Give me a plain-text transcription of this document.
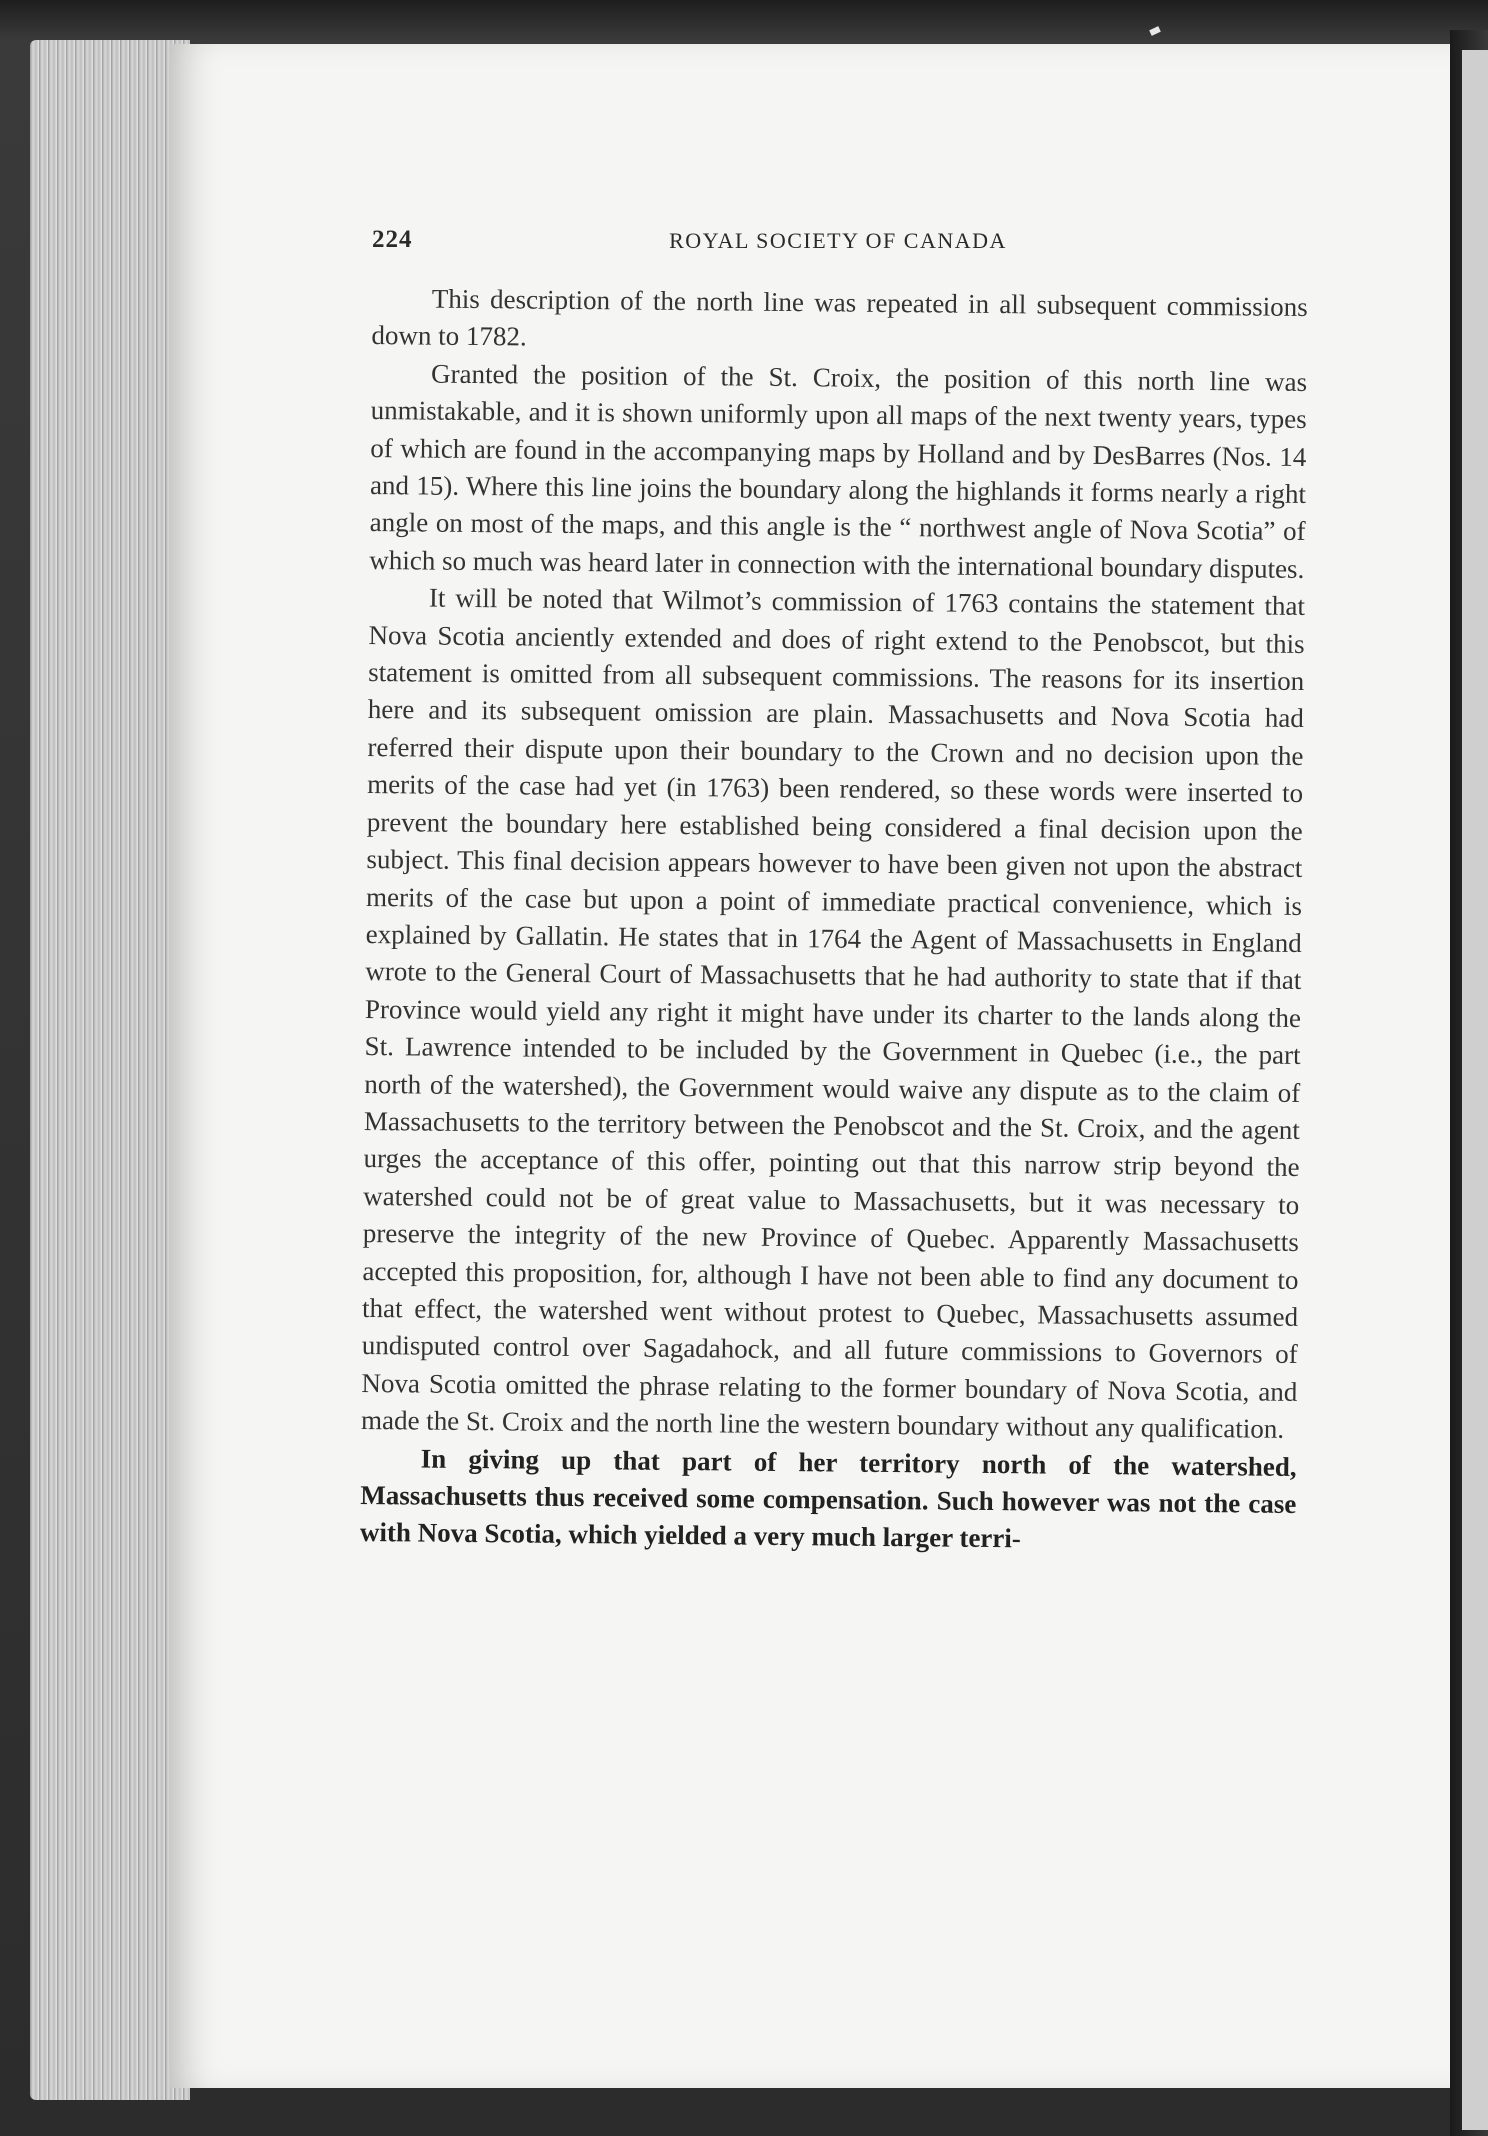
224	ROYAL SOCIETY OF CANADA

This description of the north line was repeated in all subsequent commissions down to 1782.

Granted the position of the St. Croix, the position of this north line was unmistakable, and it is shown uniformly upon all maps of the next twenty years, types of which are found in the accompanying maps by Holland and by DesBarres (Nos. 14 and 15). Where this line joins the boundary along the highlands it forms nearly a right angle on most of the maps, and this angle is the “ northwest angle of Nova Scotia” of which so much was heard later in connection with the international boundary disputes.

It will be noted that Wilmot’s commission of 1763 contains the statement that Nova Scotia anciently extended and does of right extend to the Penobscot, but this statement is omitted from all subsequent commissions. The reasons for its insertion here and its subsequent omission are plain. Massachusetts and Nova Scotia had referred their dispute upon their boundary to the Crown and no decision upon the merits of the case had yet (in 1763) been rendered, so these words were inserted to prevent the boundary here established being considered a final decision upon the subject. This final decision appears however to have been given not upon the abstract merits of the case but upon a point of immediate practical convenience, which is explained by Gallatin. He states that in 1764 the Agent of Massachusetts in England wrote to the General Court of Massachusetts that he had authority to state that if that Province would yield any right it might have under its charter to the lands along the St. Lawrence intended to be included by the Government in Quebec (i.e., the part north of the watershed), the Government would waive any dispute as to the claim of Massachusetts to the territory between the Penobscot and the St. Croix, and the agent urges the acceptance of this offer, pointing out that this narrow strip beyond the watershed could not be of great value to Massachusetts, but it was necessary to preserve the integrity of the new Province of Quebec. Apparently Massachusetts accepted this proposition, for, although I have not been able to find any document to that effect, the watershed went without protest to Quebec, Massachusetts assumed undisputed control over Sagadahock, and all future commissions to Governors of Nova Scotia omitted the phrase relating to the former boundary of Nova Scotia, and made the St. Croix and the north line the western boundary without any qualification.

In giving up that part of her territory north of the watershed, Massachusetts thus received some compensation. Such however was not the case with Nova Scotia, which yielded a very much larger terri-
